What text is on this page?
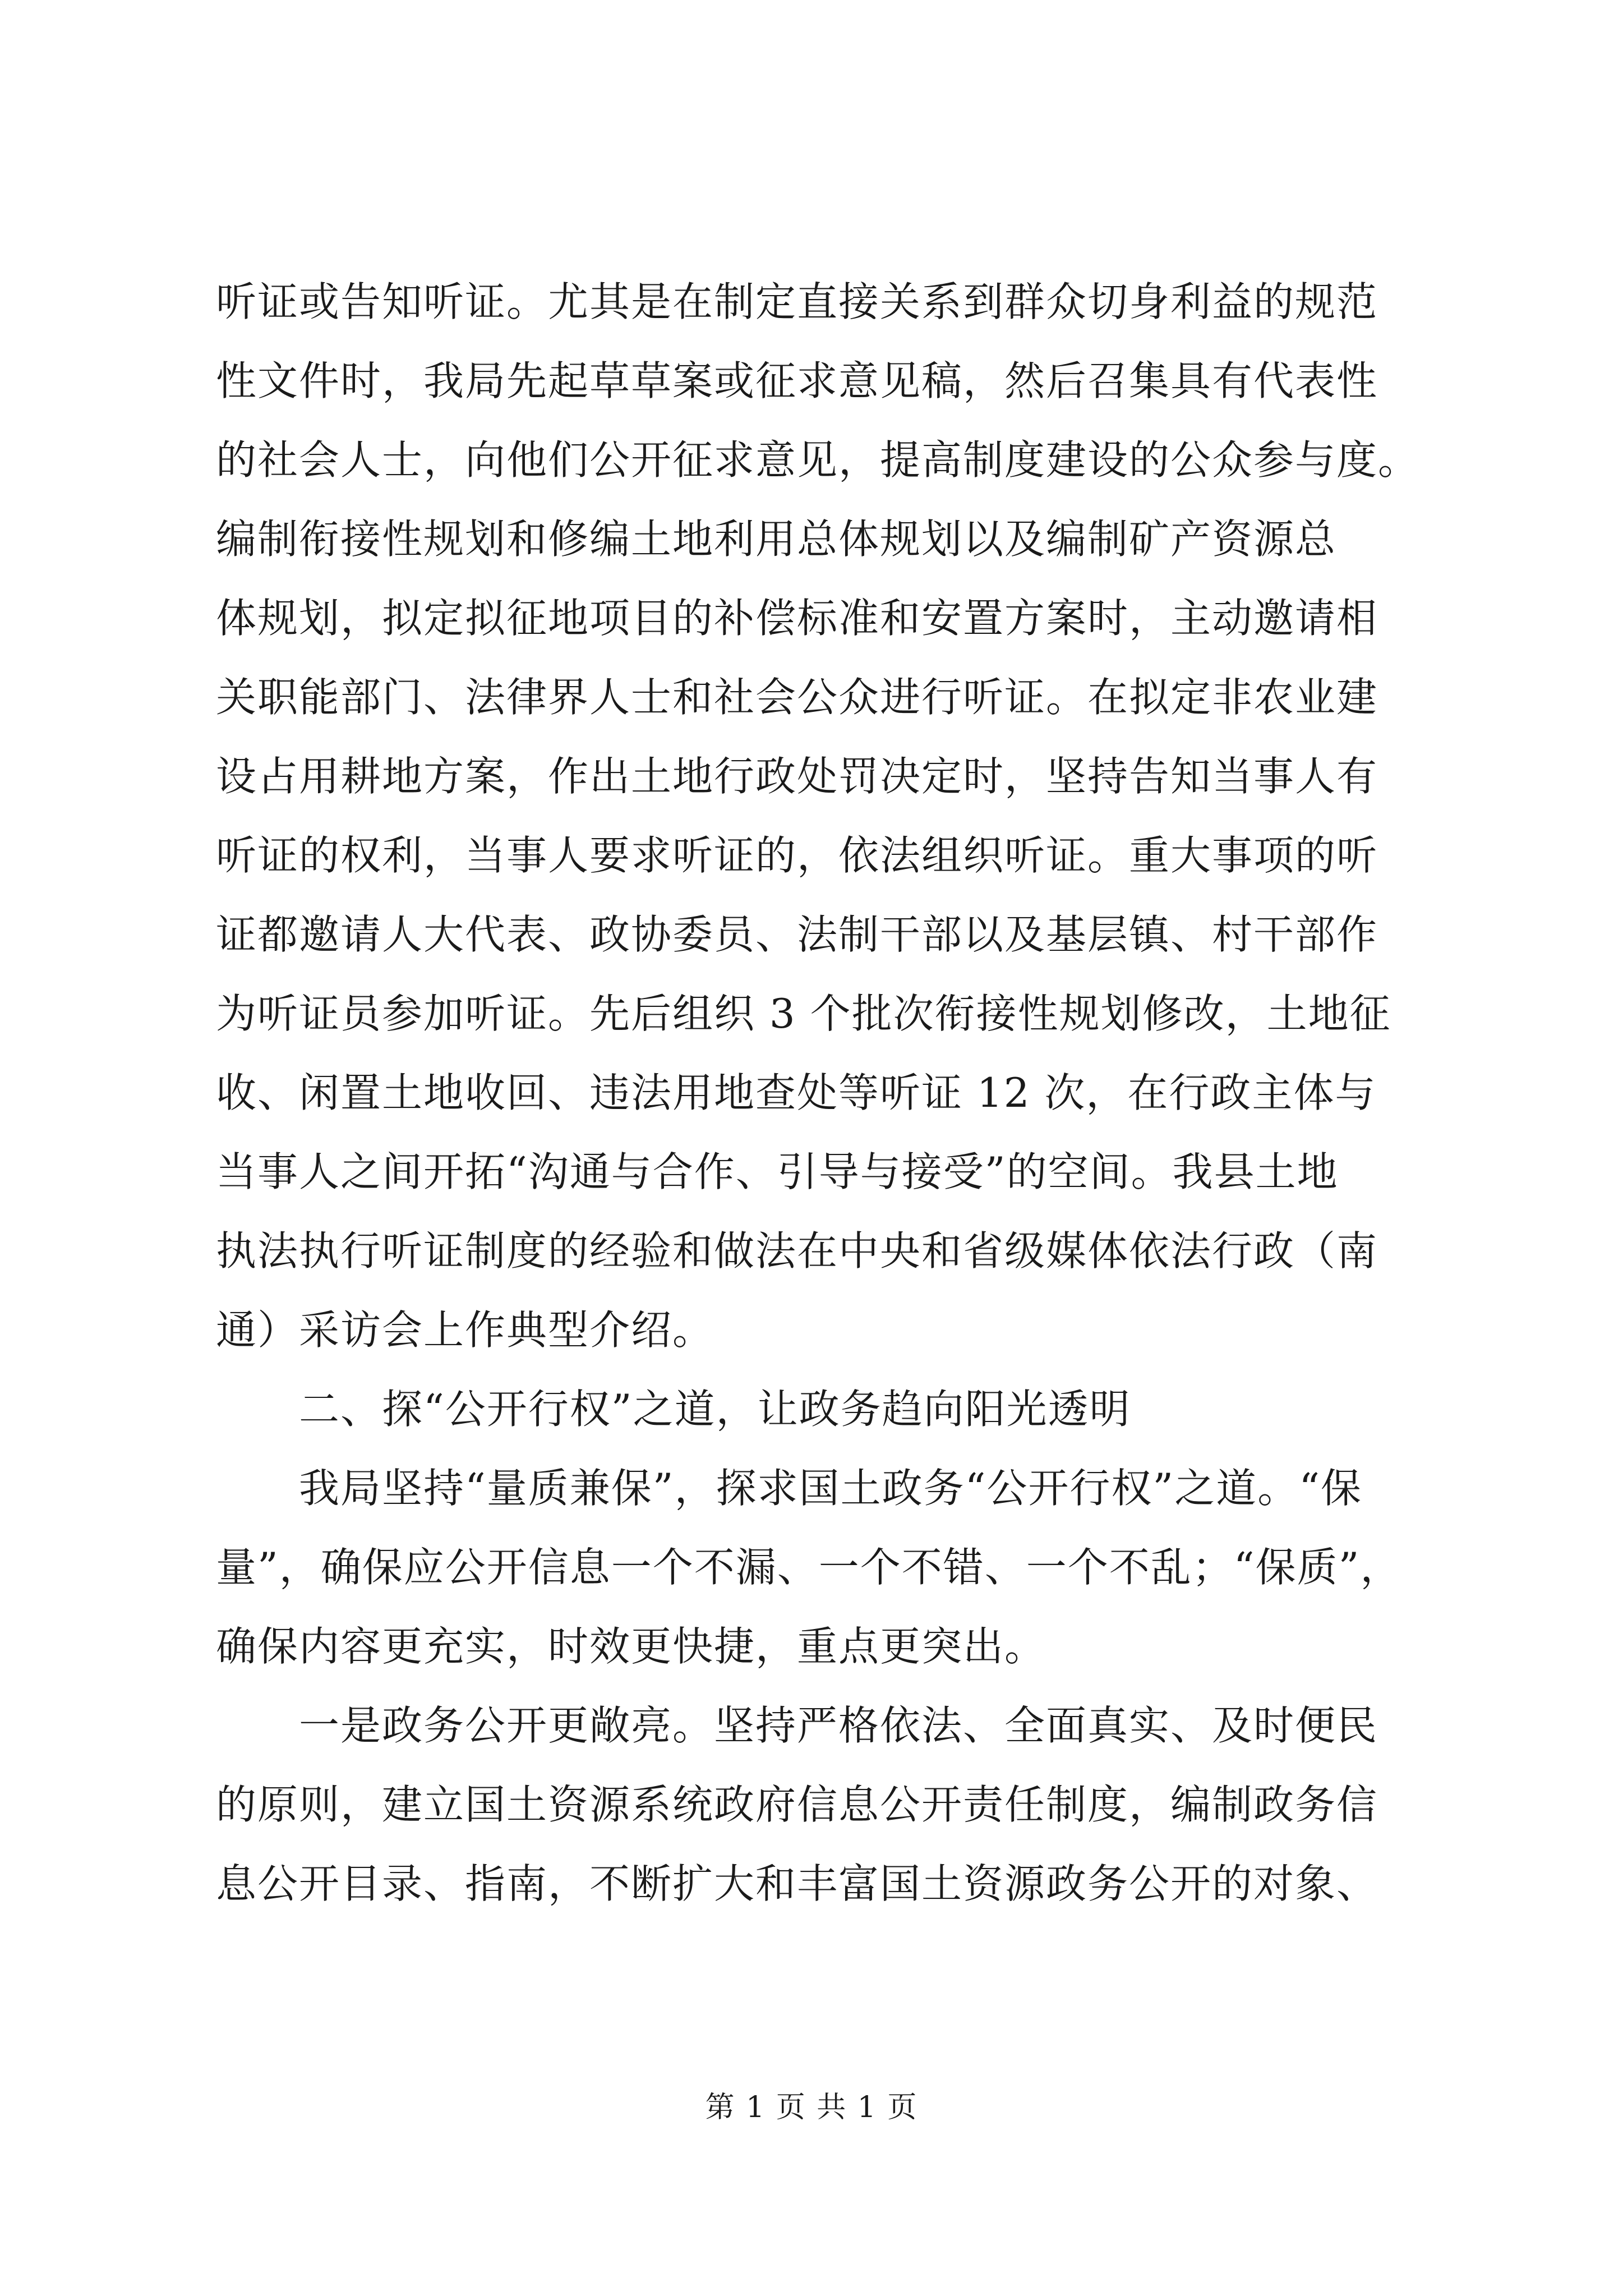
听证或告知听证。尤其是在制定直接关系到群众切身利益的规范
性文件时，我局先起草草案或征求意见稿，然后召集具有代表性
的社会人士，向他们公开征求意见，提高制度建设的公众参与度。
编制衔接性规划和修编土地利用总体规划以及编制矿产资源总
体规划，拟定拟征地项目的补偿标准和安置方案时，主动邀请相
关职能部门、法律界人士和社会公众进行听证。在拟定非农业建
设占用耕地方案，作出土地行政处罚决定时，坚持告知当事人有
听证的权利，当事人要求听证的，依法组织听证。重大事项的听
证都邀请人大代表、政协委员、法制干部以及基层镇、村干部作
为听证员参加听证。先后组织 3 个批次衔接性规划修改，土地征
收、闲置土地收回、违法用地查处等听证 12 次，在行政主体与
当事人之间开拓“沟通与合作、引导与接受”的空间。我县土地
执法执行听证制度的经验和做法在中央和省级媒体依法行政（南
通）采访会上作典型介绍。
二、探“公开行权”之道，让政务趋向阳光透明
我局坚持“量质兼保”，探求国土政务“公开行权”之道。“保
量”，确保应公开信息一个不漏、一个不错、一个不乱；“保质”，
确保内容更充实，时效更快捷，重点更突出。
一是政务公开更敞亮。坚持严格依法、全面真实、及时便民
的原则，建立国土资源系统政府信息公开责任制度，编制政务信
息公开目录、指南，不断扩大和丰富国土资源政务公开的对象、
第 1 页 共 1 页
